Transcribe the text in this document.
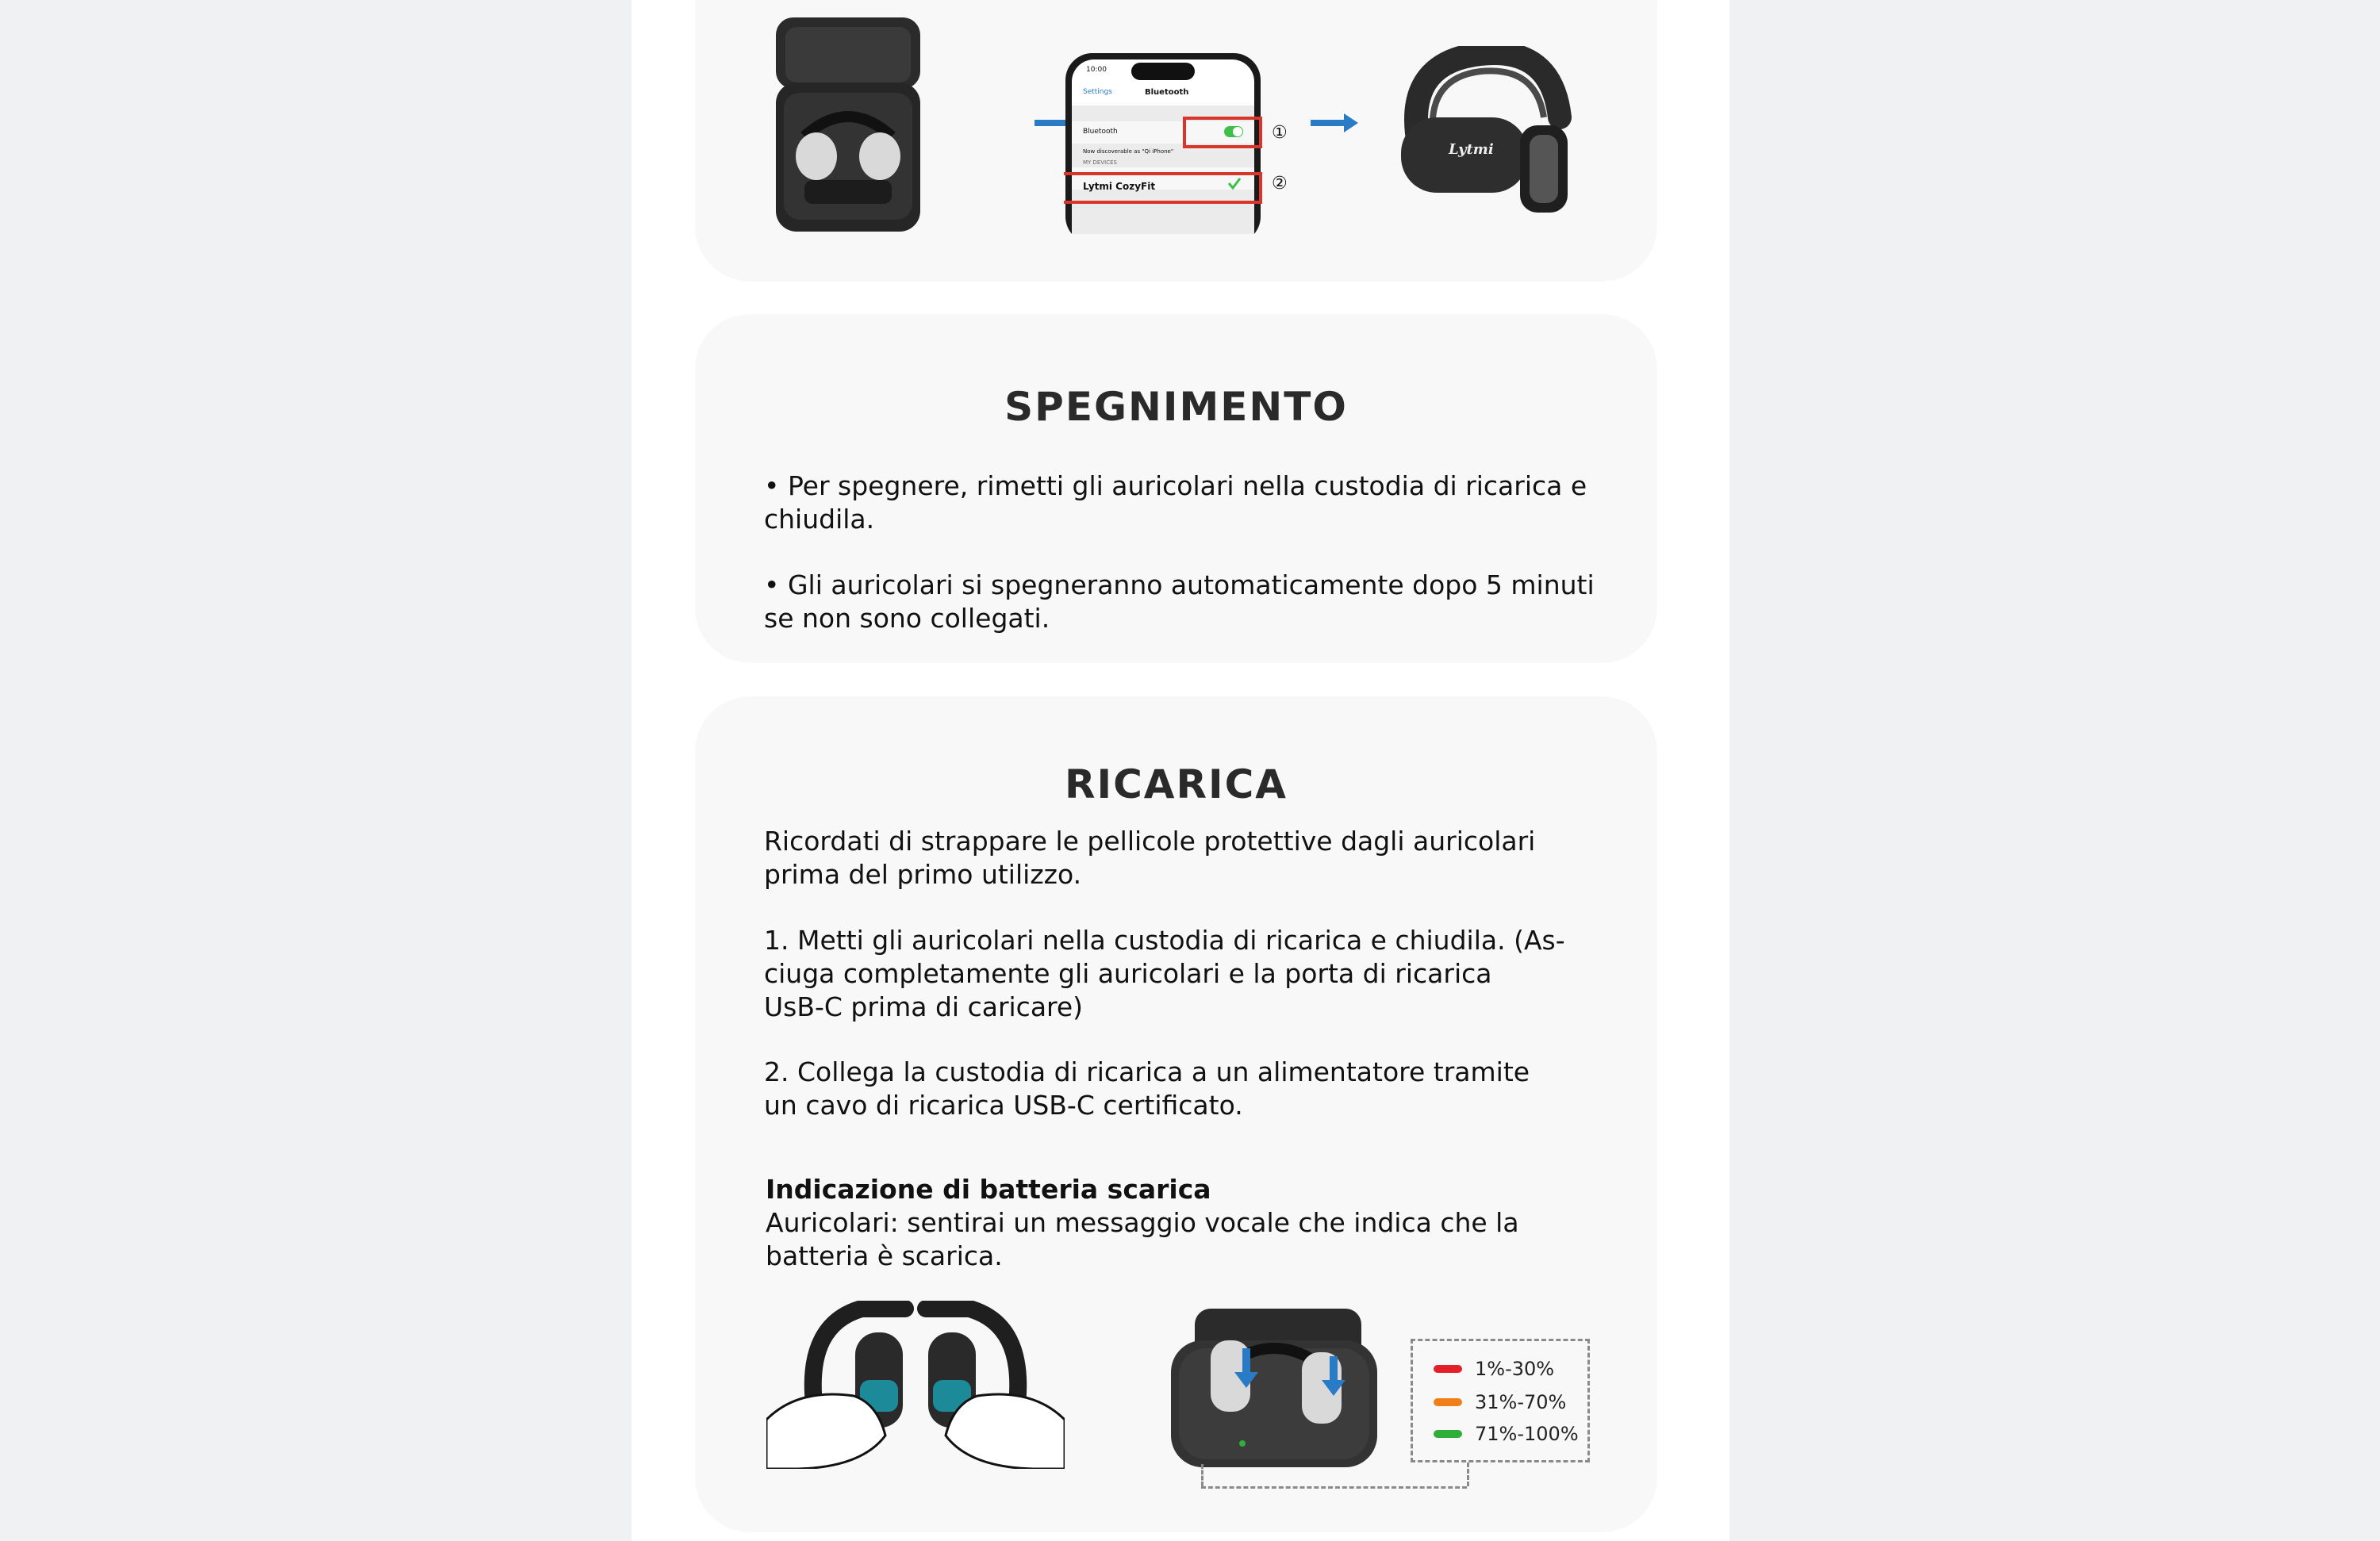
10:00
Settings	Bluetooth
Bluetooth
Now discoverable as "Qi iPhone"
MY DEVICES
Lytmi CozyFit
①
②
Lytmi
SPEGNIMENTO
• Per spegnere, rimetti gli auricolari nella custodia di ricarica e
chiudila.
• Gli auricolari si spegneranno automaticamente dopo 5 minuti
se non sono collegati.
RICARICA
Ricordati di strappare le pellicole protettive dagli auricolari
prima del primo utilizzo.
1. Metti gli auricolari nella custodia di ricarica e chiudila. (As-
ciuga completamente gli auricolari e la porta di ricarica
UsB-C prima di caricare)
2. Collega la custodia di ricarica a un alimentatore tramite
un cavo di ricarica USB-C certificato.
Indicazione di batteria scarica
Auricolari: sentirai un messaggio vocale che indica che la
batteria è scarica.
1%-30%
31%-70%
71%-100%
